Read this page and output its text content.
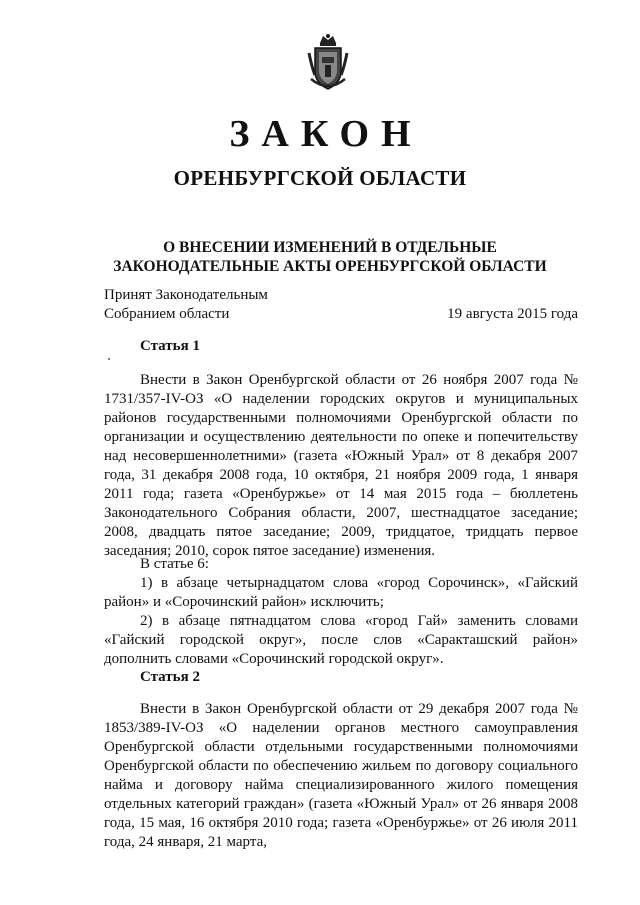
ЗАКОН
ОРЕНБУРГСКОЙ ОБЛАСТИ
О ВНЕСЕНИИ ИЗМЕНЕНИЙ В ОТДЕЛЬНЫЕ ЗАКОНОДАТЕЛЬНЫЕ АКТЫ ОРЕНБУРГСКОЙ ОБЛАСТИ
Принят Законодательным
Собранием области	19 августа 2015 года
Статья 1
Внести в Закон Оренбургской области от 26 ноября 2007 года № 1731/357-IV-ОЗ «О наделении городских округов и муниципальных районов государственными полномочиями Оренбургской области по организации и осуществлению деятельности по опеке и попечительству над несовершеннолетними» (газета «Южный Урал» от 8 декабря 2007 года, 31 декабря 2008 года, 10 октября, 21 ноября 2009 года, 1 января 2011 года; газета «Оренбуржье» от 14 мая 2015 года – бюллетень Законодательного Собрания области, 2007, шестнадцатое заседание; 2008, двадцать пятое заседание; 2009, тридцатое, тридцать первое заседания; 2010, сорок пятое заседание) изменения.
В статье 6:
1) в абзаце четырнадцатом слова «город Сорочинск», «Гайский район» и «Сорочинский район» исключить;
2) в абзаце пятнадцатом слова «город Гай» заменить словами «Гайский городской округ», после слов «Саракташский район» дополнить словами «Сорочинский городской округ».
Статья 2
Внести в Закон Оренбургской области от 29 декабря 2007 года № 1853/389-IV-ОЗ «О наделении органов местного самоуправления Оренбургской области отдельными государственными полномочиями Оренбургской области по обеспечению жильем по договору социального найма и договору найма специализированного жилого помещения отдельных категорий граждан» (газета «Южный Урал» от 26 января 2008 года, 15 мая, 16 октября 2010 года; газета «Оренбуржье» от 26 июля 2011 года, 24 января, 21 марта,
